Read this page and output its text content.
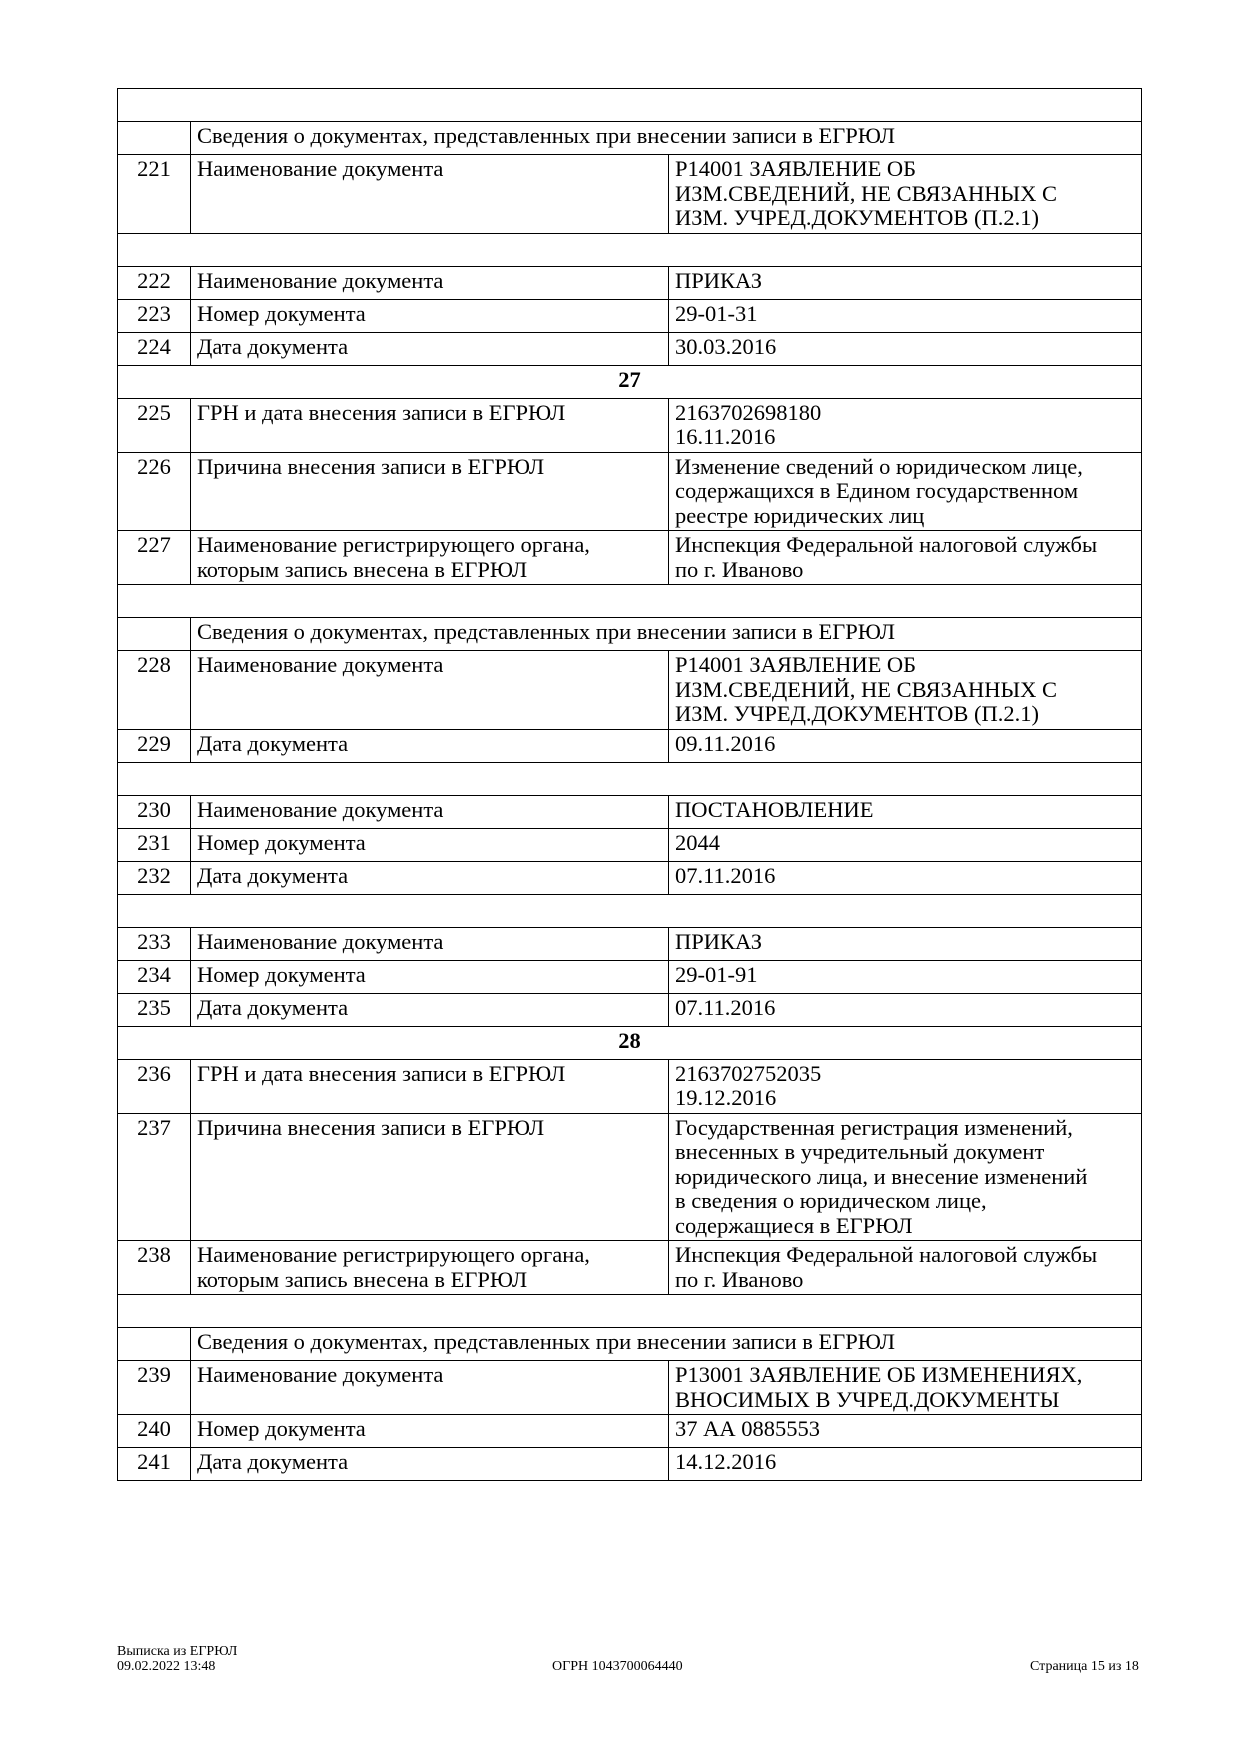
	Сведения о документах, представленных при внесении записи в ЕГРЮЛ	
221	Наименование документа	Р14001 ЗАЯВЛЕНИЕ ОБ
ИЗМ.СВЕДЕНИЙ, НЕ СВЯЗАННЫХ С
ИЗМ. УЧРЕД.ДОКУМЕНТОВ (П.2.1)

222	Наименование документа	ПРИКАЗ
223	Номер документа	29-01-31
224	Дата документа	30.03.2016
27		
225	ГРН и дата внесения записи в ЕГРЮЛ	2163702698180
16.11.2016
226	Причина внесения записи в ЕГРЮЛ	Изменение сведений о юридическом лице,
содержащихся в Едином государственном
реестре юридических лиц
227	Наименование регистрирующего органа,
которым запись внесена в ЕГРЮЛ	Инспекция Федеральной налоговой службы
по г. Иваново

	Сведения о документах, представленных при внесении записи в ЕГРЮЛ	
228	Наименование документа	Р14001 ЗАЯВЛЕНИЕ ОБ
ИЗМ.СВЕДЕНИЙ, НЕ СВЯЗАННЫХ С
ИЗМ. УЧРЕД.ДОКУМЕНТОВ (П.2.1)
229	Дата документа	09.11.2016

230	Наименование документа	ПОСТАНОВЛЕНИЕ
231	Номер документа	2044
232	Дата документа	07.11.2016

233	Наименование документа	ПРИКАЗ
234	Номер документа	29-01-91
235	Дата документа	07.11.2016
28		
236	ГРН и дата внесения записи в ЕГРЮЛ	2163702752035
19.12.2016
237	Причина внесения записи в ЕГРЮЛ	Государственная регистрация изменений,
внесенных в учредительный документ
юридического лица, и внесение изменений
в сведения о юридическом лице,
содержащиеся в ЕГРЮЛ
238	Наименование регистрирующего органа,
которым запись внесена в ЕГРЮЛ	Инспекция Федеральной налоговой службы
по г. Иваново

	Сведения о документах, представленных при внесении записи в ЕГРЮЛ	
239	Наименование документа	Р13001 ЗАЯВЛЕНИЕ ОБ ИЗМЕНЕНИЯХ,
ВНОСИМЫХ В УЧРЕД.ДОКУМЕНТЫ
240	Номер документа	37 АА 0885553
241	Дата документа	14.12.2016
Выписка из ЕГРЮЛ
09.02.2022 13:48	ОГРН 1043700064440	Страница 15 из 18
